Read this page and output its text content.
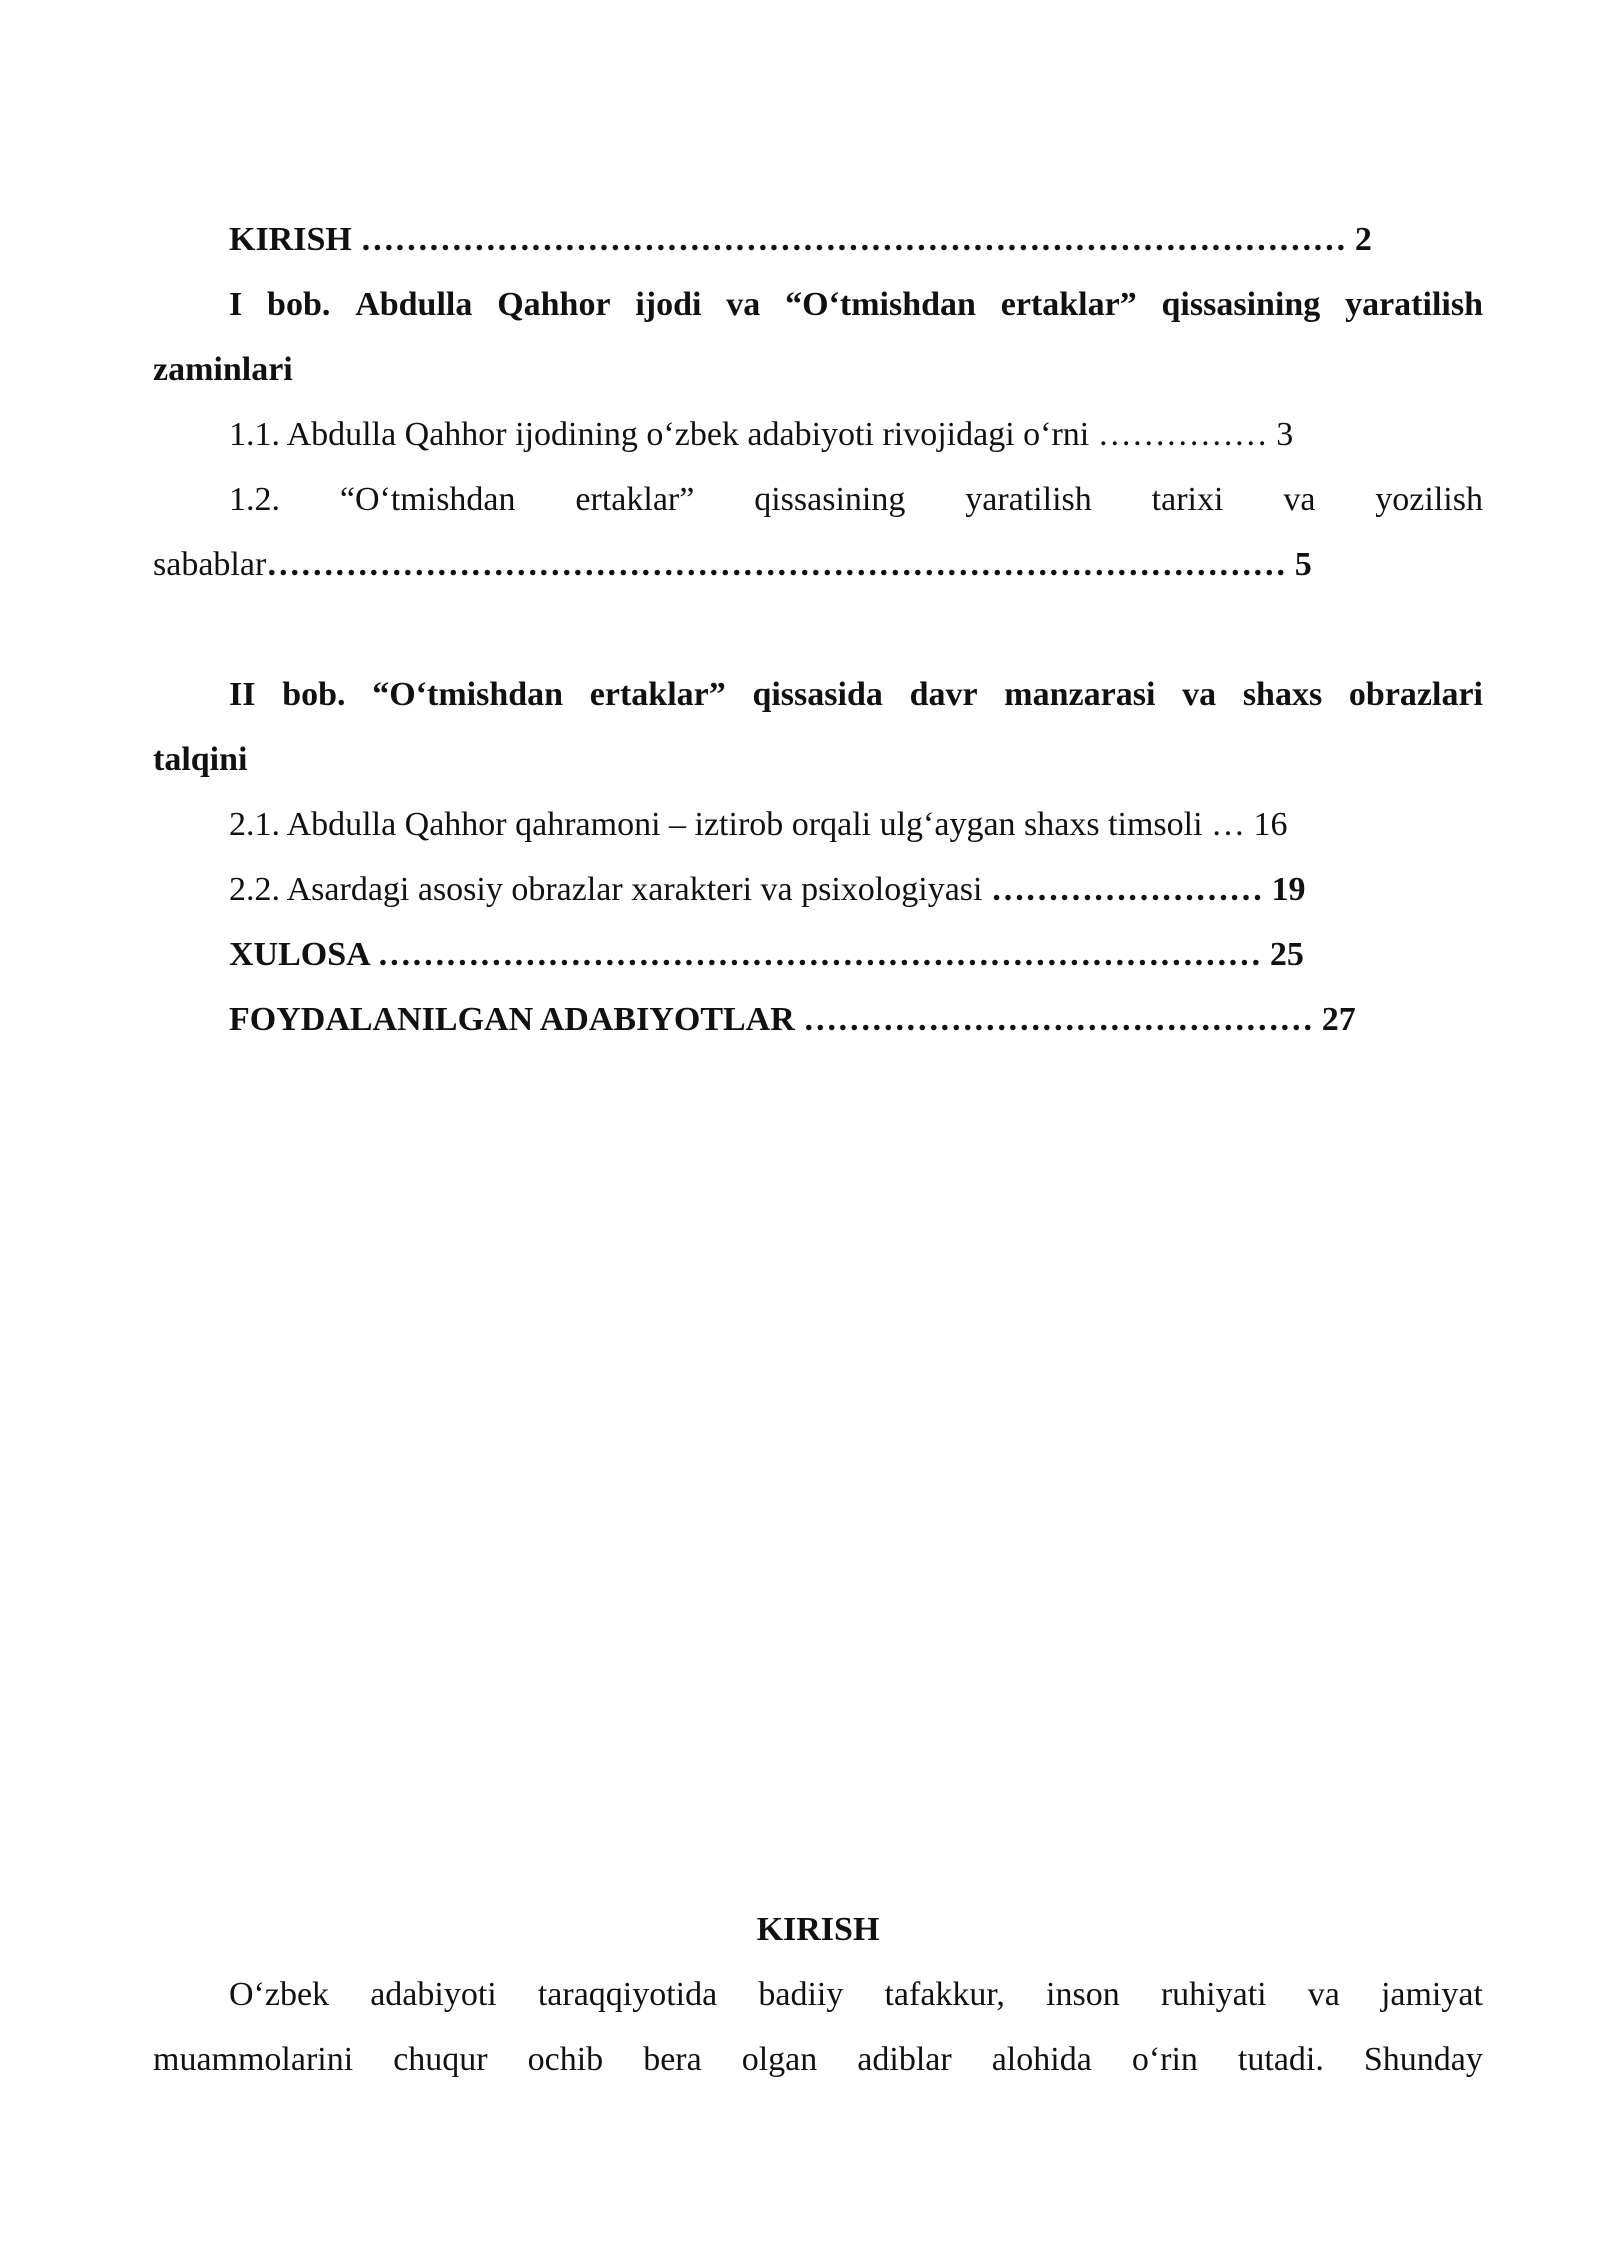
KIRISH …………………………………………………………………………… 2
I bob. Abdulla Qahhor ijodi va “O‘tmishdan ertaklar” qissasining yaratilish
zaminlari
1.1. Abdulla Qahhor ijodining o‘zbek adabiyoti rivojidagi o‘rni …………… 3
1.2. “O‘tmishdan ertaklar” qissasining yaratilish tarixi va yozilish
sabablar……………………………………………………………………………… 5
II bob. “O‘tmishdan ertaklar” qissasida davr manzarasi va shaxs obrazlari
talqini
2.1. Abdulla Qahhor qahramoni – iztirob orqali ulg‘aygan shaxs timsoli … 16
2.2. Asardagi asosiy obrazlar xarakteri va psixologiyasi …………………… 19
XULOSA …………………………………………………………………… 25
FOYDALANILGAN ADABIYOTLAR ……………………………………… 27
KIRISH
O‘zbek adabiyoti taraqqiyotida badiiy tafakkur, inson ruhiyati va jamiyat
muammolarini chuqur ochib bera olgan adiblar alohida o‘rin tutadi. Shunday
